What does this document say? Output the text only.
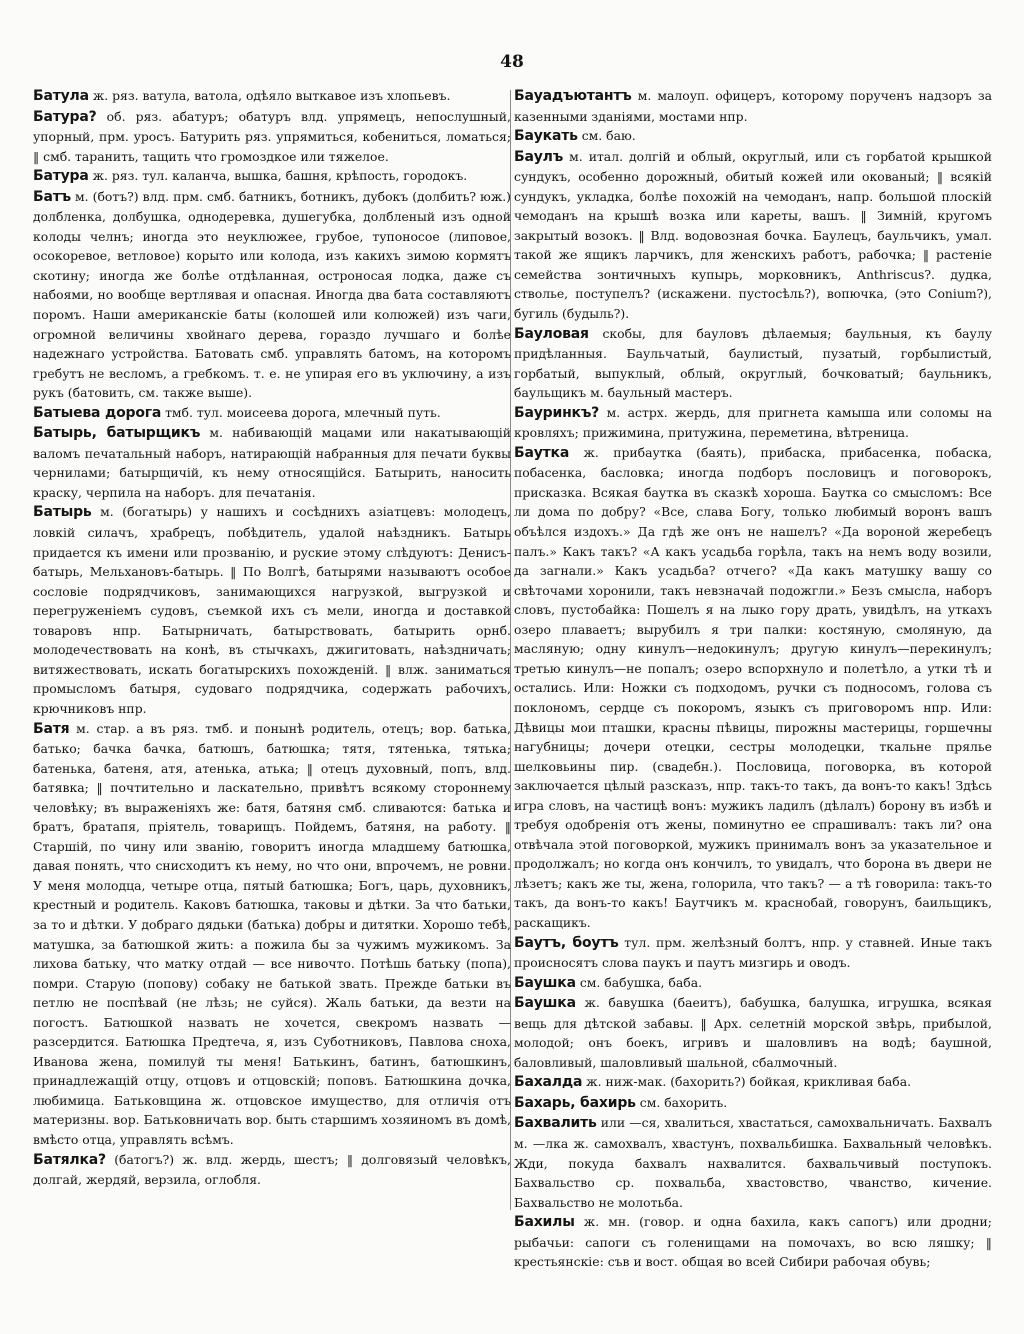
48

Батула ж. ряз. ватула, ватола, одѣяло выткавое изъ хлопьевъ.

Батура? об. ряз. абатуръ; обатуръ влд. упрямецъ, непослушный, упорный, прм. уросъ. Батурить ряз. упрямиться, кобениться, ломаться; ‖ смб. таранить, тащить что громоздкое или тяжелое.

Батура ж. ряз. тул. каланча, вышка, башня, крѣпость, городокъ.

Батъ м. (ботъ?) влд. прм. смб. батникъ, ботникъ, дубокъ (долбить? юж.) долбленка, долбушка, однодеревка, душегубка, долбленый изъ одной колоды челнъ; иногда это неуклюжее, грубое, тупоносое (липовое, осокоревое, ветловое) корыто или колода, изъ какихъ зимою кормятъ скотину; иногда же болѣе отдѣланная, остроносая лодка, даже съ набоями, но вообще вертлявая и опасная. Иногда два бата составляютъ поромъ. Наши американскіе баты (колошей или колюжей) изъ чаги, огромной величины хвойнаго дерева, гораздо лучшаго и болѣе надежнаго устройства. Батовать смб. управлять батомъ, на которомъ гребутъ не весломъ, а гребкомъ. т. е. не упирая его въ уключину, а изъ рукъ (батовить, см. также выше).

Батыева дорога тмб. тул. моисеева дорога, млечный путь.

Батырь, батырщикъ м. набивающій мацами или накатывающій валомъ печатальный наборъ, натирающій набранныя для печати буквы чернилами; батырщичій, къ нему относящійся. Батырить, наносить краску, черпила на наборъ. для печатанія.

Батырь м. (богатырь) у нашихъ и сосѣднихъ азіатцевъ: молодецъ, ловкій силачъ, храбрецъ, побѣдитель, удалой наѣздникъ. Батырь придается къ имени или прозванію, и руские этому слѣдуютъ: Денисъ-батырь, Мельхановъ-батырь. ‖ По Волгѣ, батырями называютъ особое сословіе подрядчиковъ, занимающихся нагрузкой, выгрузкой и перегруженіемъ судовъ, съемкой ихъ съ мели, иногда и доставкой товаровъ нпр. Батырничать, батырствовать, батырить орнб. молодечествовать на конѣ, въ стычкахъ, джигитовать, наѣздничать; витяжествовать, искать богатырскихъ похожденій. ‖ влж. заниматься промысломъ батыря, судоваго подрядчика, содержать рабочихъ, крючниковъ нпр.

Батя м. стар. а въ ряз. тмб. и понынѣ родитель, отецъ; вор. батька, батько; бачка бачка, батюшъ, батюшка; тятя, тятенька, тятька; батенька, батеня, атя, атенька, атька; ‖ отецъ духовный, попъ, влд. батявка; ‖ почтительно и ласкательно, привѣтъ всякому стороннему человѣку; въ выраженіяхъ же: батя, батяня смб. сливаются: батька и братъ, братапя, пріятель, товарищъ. Пойдемъ, батяня, на работу. ‖ Старшій, по чину или званію, говоритъ иногда младшему батюшка, давая понять, что снисходитъ къ нему, но что они, впрочемъ, не ровни. У меня молодца, четыре отца, пятый батюшка; Богъ, царь, духовникъ, крестный и родитель. Каковъ батюшка, таковы и дѣтки. За что батьки, за то и дѣтки. У добраго дядьки (батька) добры и дитятки. Хорошо тебѣ, матушка, за батюшкой жить: а пожила бы за чужимъ мужикомъ. За лихова батьку, что матку отдай — все нивочто. Потѣшь батьку (попа), помри. Старую (попову) собаку не батькой звать. Прежде батьки въ петлю не поспѣвай (не лѣзь; не суйся). Жаль батьки, да везти на погостъ. Батюшкой назвать не хочется, свекромъ назвать — разсердится. Батюшка Предтеча, я, изъ Суботниковъ, Павлова сноха, Иванова жена, помилуй ты меня! Батькинъ, батинъ, батюшкинъ, принадлежащій отцу, отцовъ и отцовскій; поповъ. Батюшкина дочка, любимица. Батьковщина ж. отцовское имущество, для отличія отъ материзны. вор. Батьковничать вор. быть старшимъ хозяиномъ въ домѣ, вмѣсто отца, управлять всѣмъ.

Батялка? (батогъ?) ж. влд. жердь, шестъ; ‖ долговязый человѣкъ, долгай, жердяй, верзила, оглобля.

Бауадъютантъ м. малоуп. офицеръ, которому порученъ надзоръ за казенными зданіями, мостами нпр.

Баукать см. баю.

Баулъ м. итал. долгій и облый, округлый, или съ горбатой крышкой сундукъ, особенно дорожный, обитый кожей или окованый; ‖ всякій сундукъ, укладка, болѣе похожій на чемоданъ, напр. большой плоскій чемоданъ на крышѣ возка или кареты, вашъ. ‖ Зимній, кругомъ закрытый возокъ. ‖ Влд. водовозная бочка. Баулецъ, баульчикъ, умал. такой же ящикъ ларчикъ, для женскихъ работъ, рабочка; ‖ растеніе семейства зонтичныхъ купырь, морковникъ, Anthriscus?. дудка, стволье, поступелъ? (искажени. пустосѣль?), вопючка, (это Conium?), бугиль (будыль?).

Бауловая скобы, для бауловъ дѣлаемыя; баульныя, къ баулу придѣланныя. Баульчатый, баулистый, пузатый, горбылистый, горбатый, выпуклый, облый, округлый, бочковатый; баульникъ, баульщикъ м. баульный мастеръ.

Бауринкъ? м. астрх. жердь, для пригнета камыша или соломы на кровляхъ; прижимина, притужина, переметина, вѣтреница.

Баутка ж. прибаутка (баять), прибаска, прибасенка, побаска, побасенка, басловка; иногда подборъ пословицъ и поговорокъ, присказка. Всякая баутка въ сказкѣ хороша. Баутка со смысломъ: Все ли дома по добру? «Все, слава Богу, только любимый воронъ вашъ объѣлся издохъ.» Да гдѣ же онъ не нашелъ? «Да вороной жеребецъ палъ.» Какъ такъ? «А какъ усадьба горѣла, такъ на немъ воду возили, да загнали.» Какъ усадьба? отчего? «Да какъ матушку вашу со свѣточами хоронили, такъ невзначай подожгли.» Безъ смысла, наборъ словъ, пустобайка: Пошелъ я на лыко гору драть, увидѣлъ, на уткахъ озеро плаваетъ; вырубилъ я три палки: костяную, смоляную, да масляную; одну кинулъ—недокинулъ; другую кинулъ—перекинулъ; третью кинулъ—не попалъ; озеро вспорхнуло и полетѣло, а утки тѣ и остались. Или: Ножки съ подходомъ, ручки съ подносомъ, голова съ поклономъ, сердце съ покоромъ, языкъ съ приговоромъ нпр. Или: Дѣвицы мои пташки, красны пѣвицы, пирожны мастерицы, горшечны нагубницы; дочери отецки, сестры молодецки, ткальне прялье шелковьины пир. (свадебн.). Пословица, поговорка, въ которой заключается цѣлый разсказъ, нпр. такъ-то такъ, да вонъ-то какъ! Здѣсь игра словъ, на частицѣ вонъ: мужикъ ладилъ (дѣлалъ) борону въ избѣ и требуя одобренія отъ жены, поминутно ее спрашивалъ: такъ ли? она отвѣчала этой поговоркой, мужикъ принималъ вонъ за указательное и продолжалъ; но когда онъ кончилъ, то увидалъ, что борона въ двери не лѣзетъ; какъ же ты, жена, голорила, что такъ? — а тѣ говорила: такъ-то такъ, да вонъ-то какъ! Баутчикъ м. краснобай, говорунъ, баильщикъ, раскащикъ.

Баутъ, боутъ тул. прм. желѣзный болтъ, нпр. у ставней. Иные такъ происносятъ слова паукъ и паутъ мизгирь и оводъ.

Баушка см. бабушка, баба.

Баушка ж. бавушка (баеитъ), бабушка, балушка, игрушка, всякая вещь для дѣтской забавы. ‖ Арх. селетній морской звѣрь, прибылой, молодой; онъ боекъ, игривъ и шаловливъ на водѣ; баушной, баловливый, шаловливый шальной, сбалмочный.

Бахалда ж. ниж-мак. (бахорить?) бойкая, крикливая баба.

Бахарь, бахирь см. бахорить.

Бахвалить или —ся, хвалиться, хвастаться, самохвальничать. Бахвалъ м. —лка ж. самохвалъ, хвастунъ, похвальбишка. Бахвальный человѣкъ. Жди, покуда бахвалъ нахвалится. бахвальчивый поступокъ. Бахвальство ср. похвальба, хвастовство, чванство, кичение. Бахвальство не молотьба.

Бахилы ж. мн. (говор. и одна бахила, какъ сапогъ) или дродни; рыбачьи: сапоги съ голенищами на помочахъ, во всю ляшку; ‖ крестьянскіе: съв и вост. общая во всей Сибири рабочая обувь;
